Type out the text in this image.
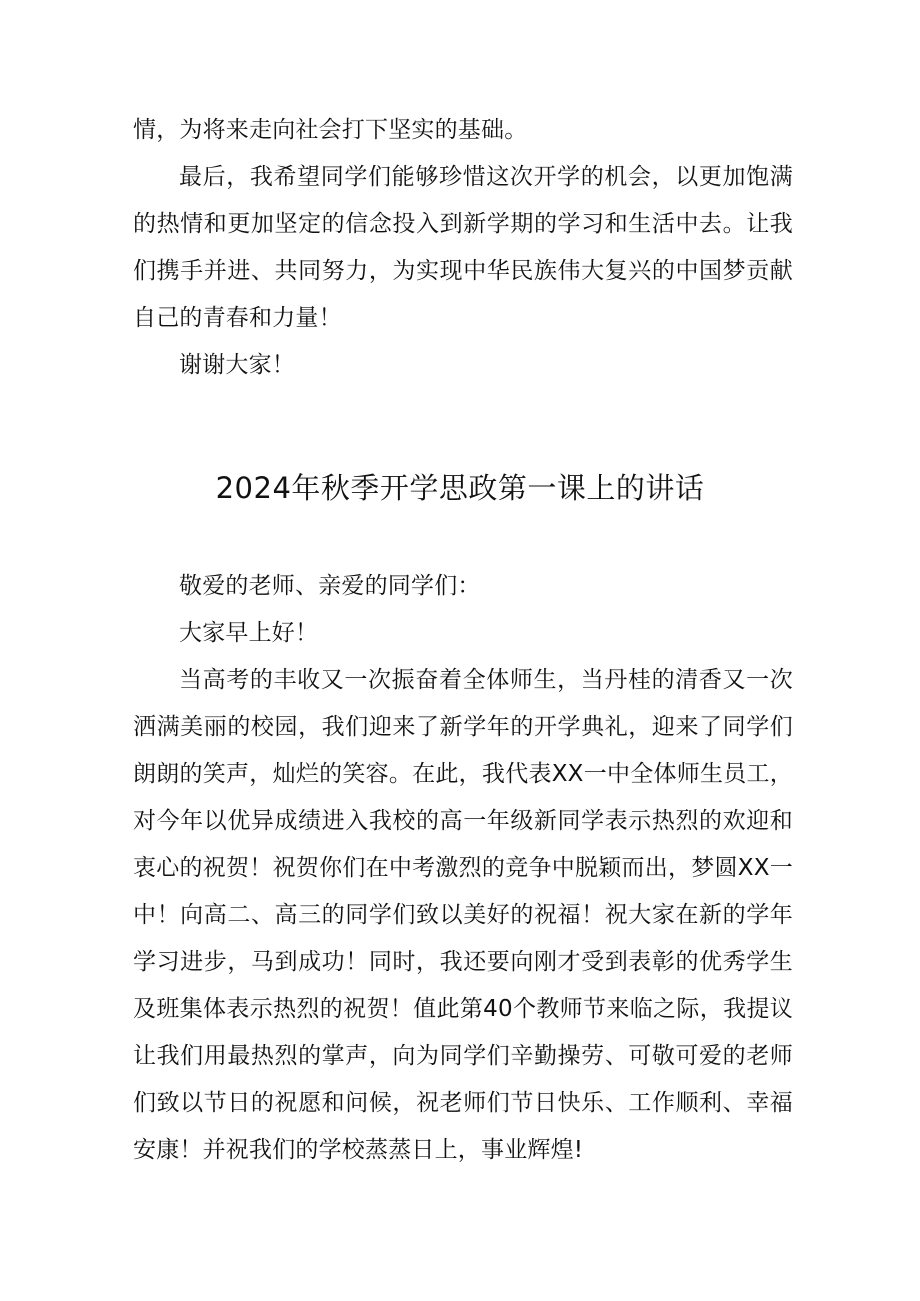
情，为将来走向社会打下坚实的基础。

最后，我希望同学们能够珍惜这次开学的机会，以更加饱满的热情和更加坚定的信念投入到新学期的学习和生活中去。让我们携手并进、共同努力，为实现中华民族伟大复兴的中国梦贡献自己的青春和力量！

谢谢大家！

2024年秋季开学思政第一课上的讲话

敬爱的老师、亲爱的同学们：

大家早上好！

当高考的丰收又一次振奋着全体师生，当丹桂的清香又一次洒满美丽的校园，我们迎来了新学年的开学典礼，迎来了同学们朗朗的笑声，灿烂的笑容。在此，我代表XX一中全体师生员工，对今年以优异成绩进入我校的高一年级新同学表示热烈的欢迎和衷心的祝贺！祝贺你们在中考激烈的竞争中脱颖而出，梦圆XX一中！向高二、高三的同学们致以美好的祝福！祝大家在新的学年学习进步，马到成功！同时，我还要向刚才受到表彰的优秀学生及班集体表示热烈的祝贺！值此第40个教师节来临之际，我提议让我们用最热烈的掌声，向为同学们辛勤操劳、可敬可爱的老师们致以节日的祝愿和问候，祝老师们节日快乐、工作顺利、幸福安康！并祝我们的学校蒸蒸日上，事业辉煌!
